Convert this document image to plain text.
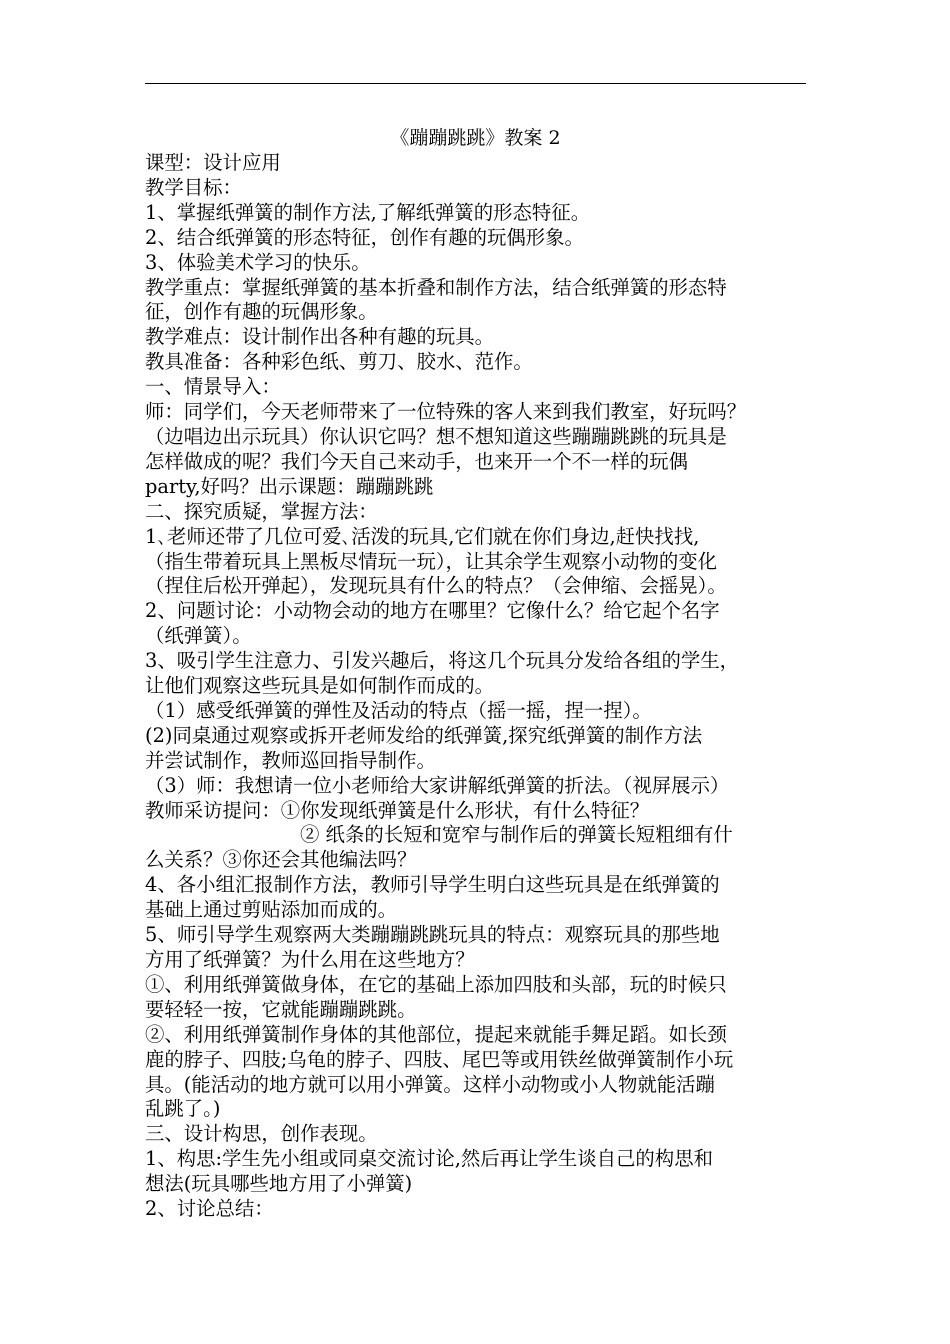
《蹦蹦跳跳》教案 2

课型：设计应用

教学目标：

1、掌握纸弹簧的制作方法,了解纸弹簧的形态特征。

2、结合纸弹簧的形态特征，创作有趣的玩偶形象。

3、体验美术学习的快乐。

教学重点：掌握纸弹簧的基本折叠和制作方法，结合纸弹簧的形态特

征，创作有趣的玩偶形象。

教学难点：设计制作出各种有趣的玩具。

教具准备：各种彩色纸、剪刀、胶水、范作。

一、情景导入：

师：同学们，今天老师带来了一位特殊的客人来到我们教室，好玩吗？

（边唱边出示玩具）你认识它吗？想不想知道这些蹦蹦跳跳的玩具是

怎样做成的呢？我们今天自己来动手，也来开一个不一样的玩偶

party,好吗？出示课题：蹦蹦跳跳

二、探究质疑，掌握方法：

1､老师还带了几位可爱､活泼的玩具,它们就在你们身边,赶快找找,

（指生带着玩具上黑板尽情玩一玩），让其余学生观察小动物的变化

（捏住后松开弹起），发现玩具有什么的特点？（会伸缩、会摇晃）。

2、问题讨论：小动物会动的地方在哪里？它像什么？给它起个名字

（纸弹簧）。

3、吸引学生注意力、引发兴趣后，将这几个玩具分发给各组的学生，

让他们观察这些玩具是如何制作而成的。

（1）感受纸弹簧的弹性及活动的特点（摇一摇，捏一捏）。

(2)同桌通过观察或拆开老师发给的纸弹簧,探究纸弹簧的制作方法

并尝试制作，教师巡回指导制作。

（3）师：我想请一位小老师给大家讲解纸弹簧的折法。（视屏展示）

教师采访提问：①你发现纸弹簧是什么形状，有什么特征？

② 纸条的长短和宽窄与制作后的弹簧长短粗细有什

么关系？③你还会其他编法吗？

4、各小组汇报制作方法，教师引导学生明白这些玩具是在纸弹簧的

基础上通过剪贴添加而成的。

5、师引导学生观察两大类蹦蹦跳跳玩具的特点：观察玩具的那些地

方用了纸弹簧？为什么用在这些地方？

①、利用纸弹簧做身体，在它的基础上添加四肢和头部，玩的时候只

要轻轻一按，它就能蹦蹦跳跳。

②、利用纸弹簧制作身体的其他部位，提起来就能手舞足蹈。如长颈

鹿的脖子、四肢;乌龟的脖子、四肢、尾巴等或用铁丝做弹簧制作小玩

具。(能活动的地方就可以用小弹簧。这样小动物或小人物就能活蹦

乱跳了。)

三、设计构思，创作表现。

1、构思:学生先小组或同桌交流讨论,然后再让学生谈自己的构思和

想法(玩具哪些地方用了小弹簧)

2、讨论总结：
